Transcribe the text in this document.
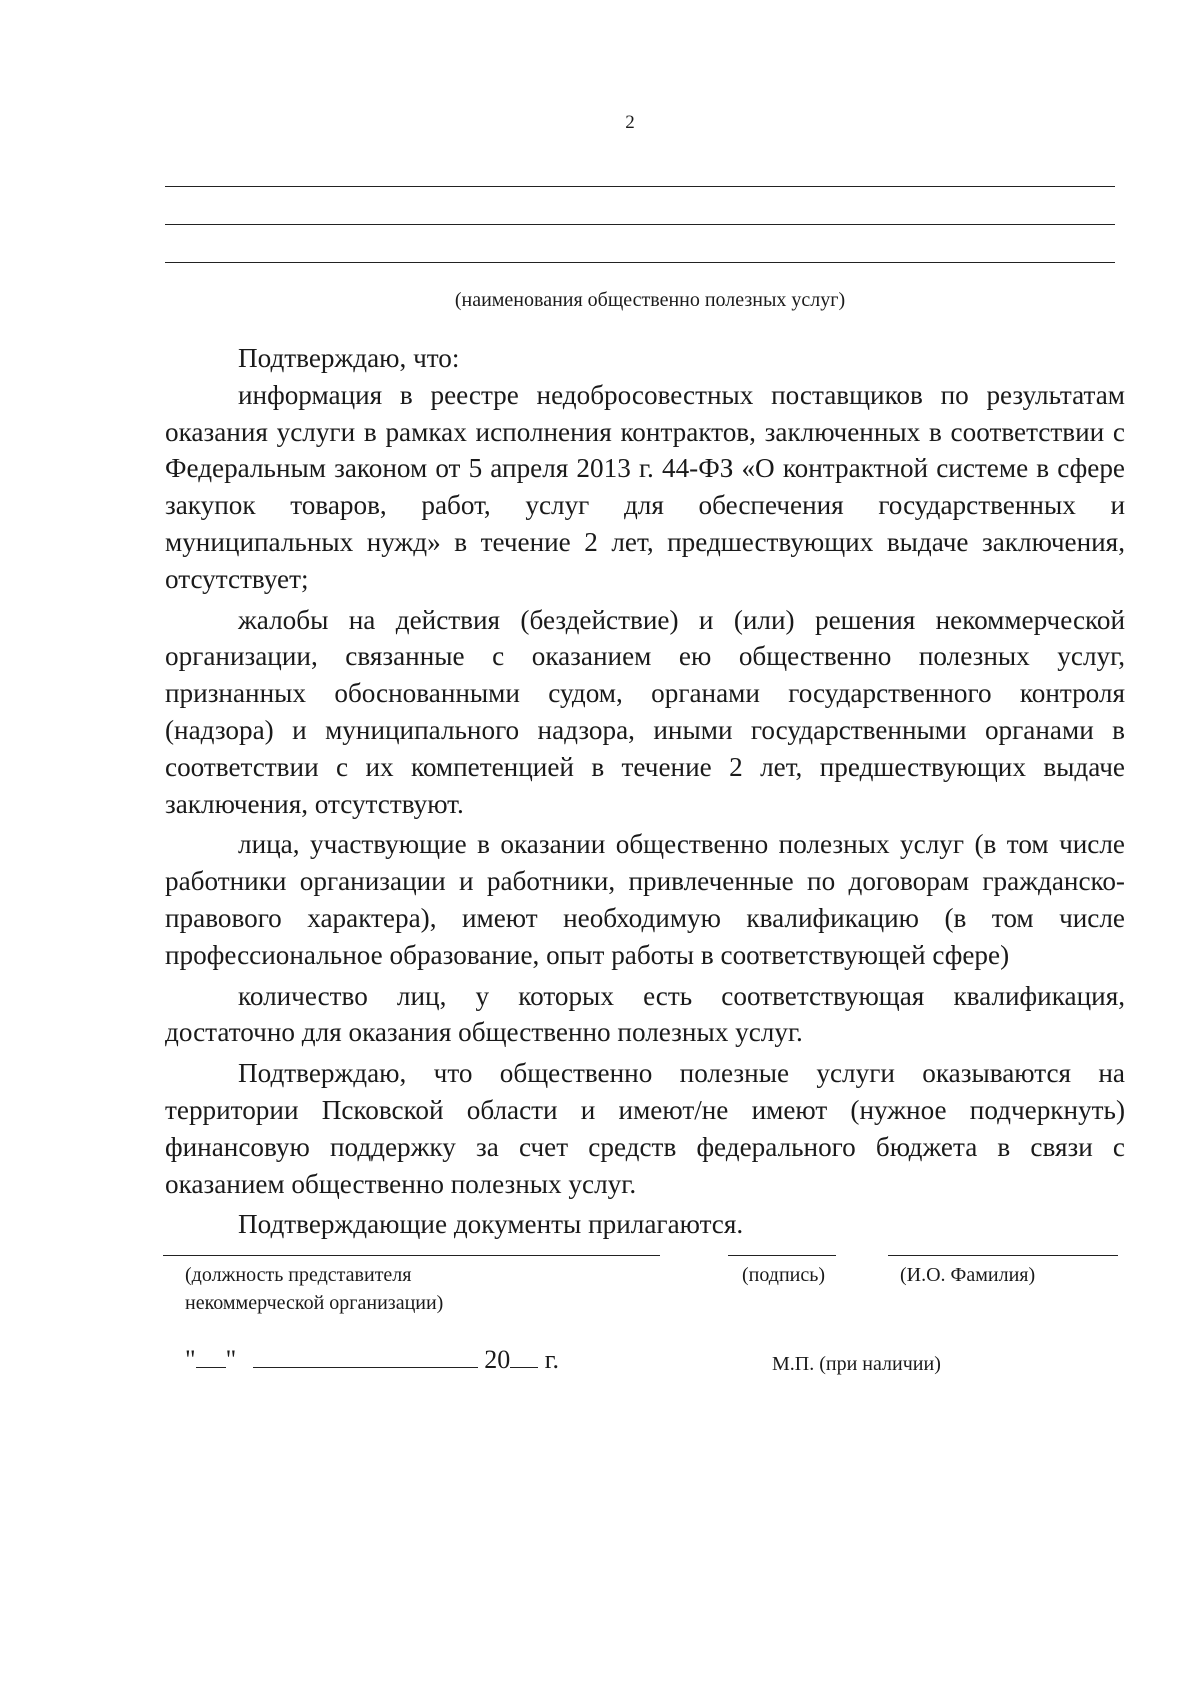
2
(наименования общественно полезных услуг)

Подтверждаю, что:

информация в реестре недобросовестных поставщиков по результатам оказания услуги в рамках исполнения контрактов, заключенных в соответствии с Федеральным законом от 5 апреля 2013 г. 44-ФЗ «О контрактной системе в сфере закупок товаров, работ, услуг для обеспечения государственных и муниципальных нужд» в течение 2 лет, предшествующих выдаче заключения, отсутствует;

жалобы на действия (бездействие) и (или) решения некоммерческой организации, связанные с оказанием ею общественно полезных услуг, признанных обоснованными судом, органами государственного контроля (надзора) и муниципального надзора, иными государственными органами в соответствии с их компетенцией в течение 2 лет, предшествующих выдаче заключения, отсутствуют.

лица, участвующие в оказании общественно полезных услуг (в том числе работники организации и работники, привлеченные по договорам гражданско-правового характера), имеют необходимую квалификацию (в том числе профессиональное образование, опыт работы в соответствующей сфере)

количество лиц, у которых есть соответствующая квалификация, достаточно для оказания общественно полезных услуг.

Подтверждаю, что общественно полезные услуги оказываются на территории Псковской области и имеют/не имеют (нужное подчеркнуть) финансовую поддержку за счет средств федерального бюджета в связи с оказанием общественно полезных услуг.

Подтверждающие документы прилагаются.

(должность представителя
некоммерческой организации)
(подпись)	(И.О. Фамилия)
" "	20 г.	М.П. (при наличии)
